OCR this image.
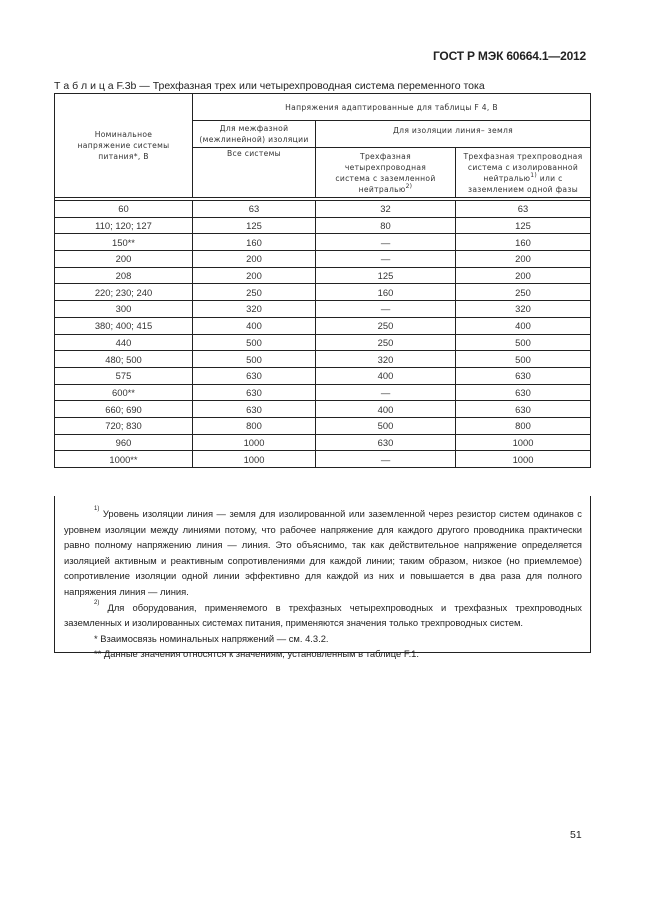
ГОСТ Р МЭК 60664.1—2012
Т а б л и ц а F.3b — Трехфазная трех или четырехпроводная система переменного тока
Номинальное напряжение системы питания*, В	Напряжения адаптированные для таблицы F 4, В		
	Для межфазной (межлинейной) изоляции	Для изоляции линия– земля	
	Все системы	Трехфазная четырехпроводная система с заземленной нейтралью$^{2)}$	Трехфазная трехпроводная система с изолированной нейтралью$^{1)}$ или с заземлением одной фазы

60	63	32	63
110; 120; 127	125	80	125
150**	160	—	160
200	200	—	200
208	200	125	200
220; 230; 240	250	160	250
300	320	—	320
380; 400; 415	400	250	400
440	500	250	500
480; 500	500	320	500
575	630	400	630
600**	630	—	630
660; 690	630	400	630
720; 830	800	500	800
960	1000	630	1000
1000**	1000	—	1000

$^{1)}$ Уровень изоляции линия — земля для изолированной или заземленной через резистор систем одинаков с уровнем изоляции между линиями потому, что рабочее напряжение для каждого другого проводника практически равно полному напряжению линия — линия. Это объяснимо, так как действительное напряжение определяется изоляцией активным и реактивным сопротивлениями для каждой линии; таким образом, низкое (но приемлемое) сопротивление изоляции одной линии эффективно для каждой из них и повышается в два раза для полного напряжения линия — линия.

$^{2)}$ Для оборудования, применяемого в трехфазных четырехпроводных и трехфазных трехпроводных заземленных и изолированных системах питания, применяются значения только трехпроводных систем.

* Взаимосвязь номинальных напряжений — см. 4.3.2.

** Данные значения относятся к значениям, установленным в таблице F.1.

51
